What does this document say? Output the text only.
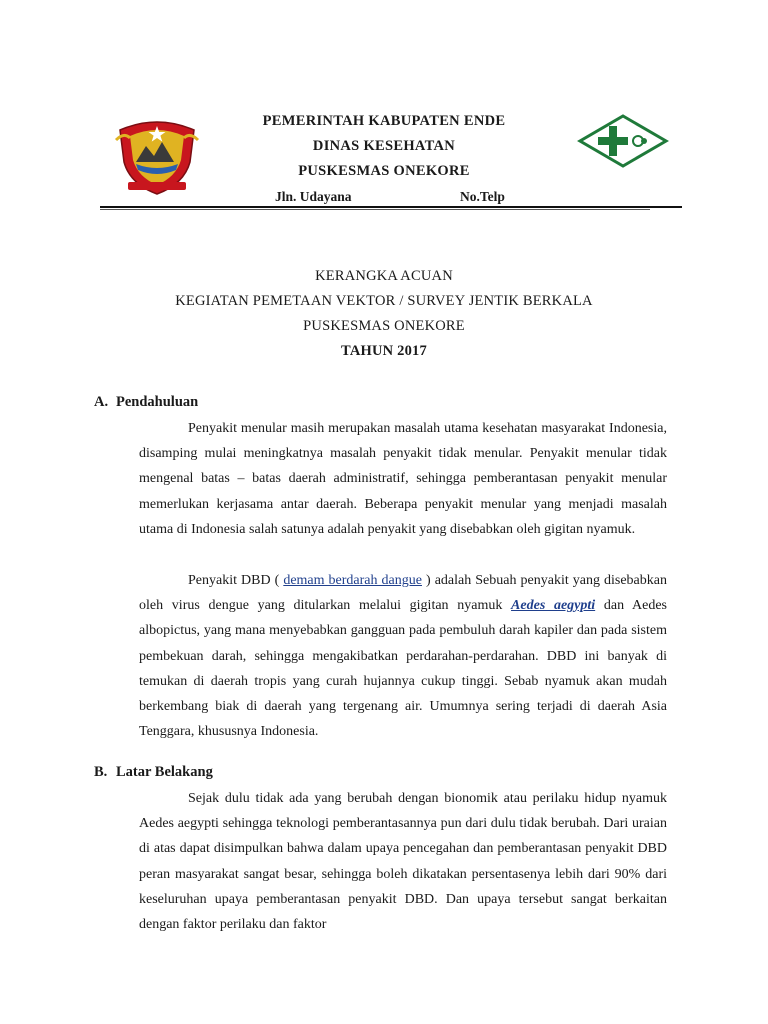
PEMERINTAH KABUPATEN ENDE
DINAS KESEHATAN
PUSKESMAS ONEKORE
Jln. Udayana	No.Telp
KERANGKA ACUAN
KEGIATAN PEMETAAN VEKTOR / SURVEY JENTIK BERKALA
PUSKESMAS ONEKORE
TAHUN 2017
A. Pendahuluan

Penyakit menular masih merupakan masalah utama kesehatan masyarakat Indonesia, disamping mulai meningkatnya masalah penyakit tidak menular. Penyakit menular tidak mengenal batas – batas daerah administratif, sehingga pemberantasan penyakit menular memerlukan kerjasama antar daerah. Beberapa penyakit menular yang menjadi masalah utama di Indonesia salah satunya adalah penyakit yang disebabkan oleh gigitan nyamuk.

Penyakit DBD ( demam berdarah dangue ) adalah Sebuah penyakit yang disebabkan oleh virus dengue yang ditularkan melalui gigitan nyamuk Aedes aegypti dan Aedes albopictus, yang mana menyebabkan gangguan pada pembuluh darah kapiler dan pada sistem pembekuan darah, sehingga mengakibatkan perdarahan-perdarahan. DBD ini banyak di temukan di daerah tropis yang curah hujannya cukup tinggi. Sebab nyamuk akan mudah berkembang biak di daerah yang tergenang air. Umumnya sering terjadi di daerah Asia Tenggara, khususnya Indonesia.

B. Latar Belakang

Sejak dulu tidak ada yang berubah dengan bionomik atau perilaku hidup nyamuk Aedes aegypti sehingga teknologi pemberantasannya pun dari dulu tidak berubah. Dari uraian di atas dapat disimpulkan bahwa dalam upaya pencegahan dan pemberantasan penyakit DBD peran masyarakat sangat besar, sehingga boleh dikatakan persentasenya lebih dari 90% dari keseluruhan upaya pemberantasan penyakit DBD. Dan upaya tersebut sangat berkaitan dengan faktor perilaku dan faktor
